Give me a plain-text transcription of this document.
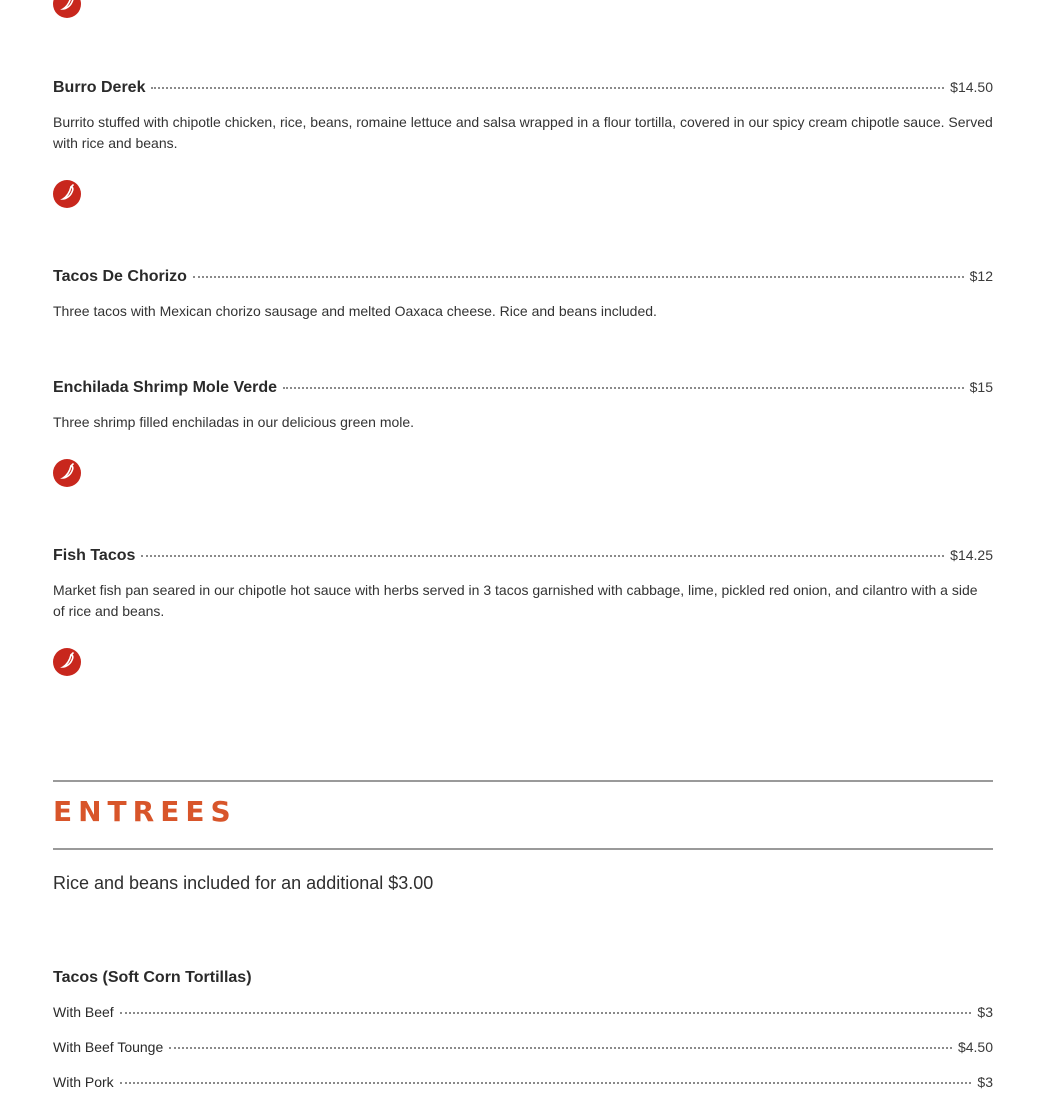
Burro Derek	$14.50
Burrito stuffed with chipotle chicken, rice, beans, romaine lettuce and salsa wrapped in a flour tortilla, covered in our spicy cream chipotle sauce. Served with rice and beans.
Tacos De Chorizo	$12
Three tacos with Mexican chorizo sausage and melted Oaxaca cheese. Rice and beans included.
Enchilada Shrimp Mole Verde	$15
Three shrimp filled enchiladas in our delicious green mole.
Fish Tacos	$14.25
Market fish pan seared in our chipotle hot sauce with herbs served in 3 tacos garnished with cabbage, lime, pickled red onion, and cilantro with a side of rice and beans.
ENTREES
Rice and beans included for an additional $3.00
Tacos (Soft Corn Tortillas)
With Beef	$3
With Beef Tounge	$4.50
With Pork	$3
